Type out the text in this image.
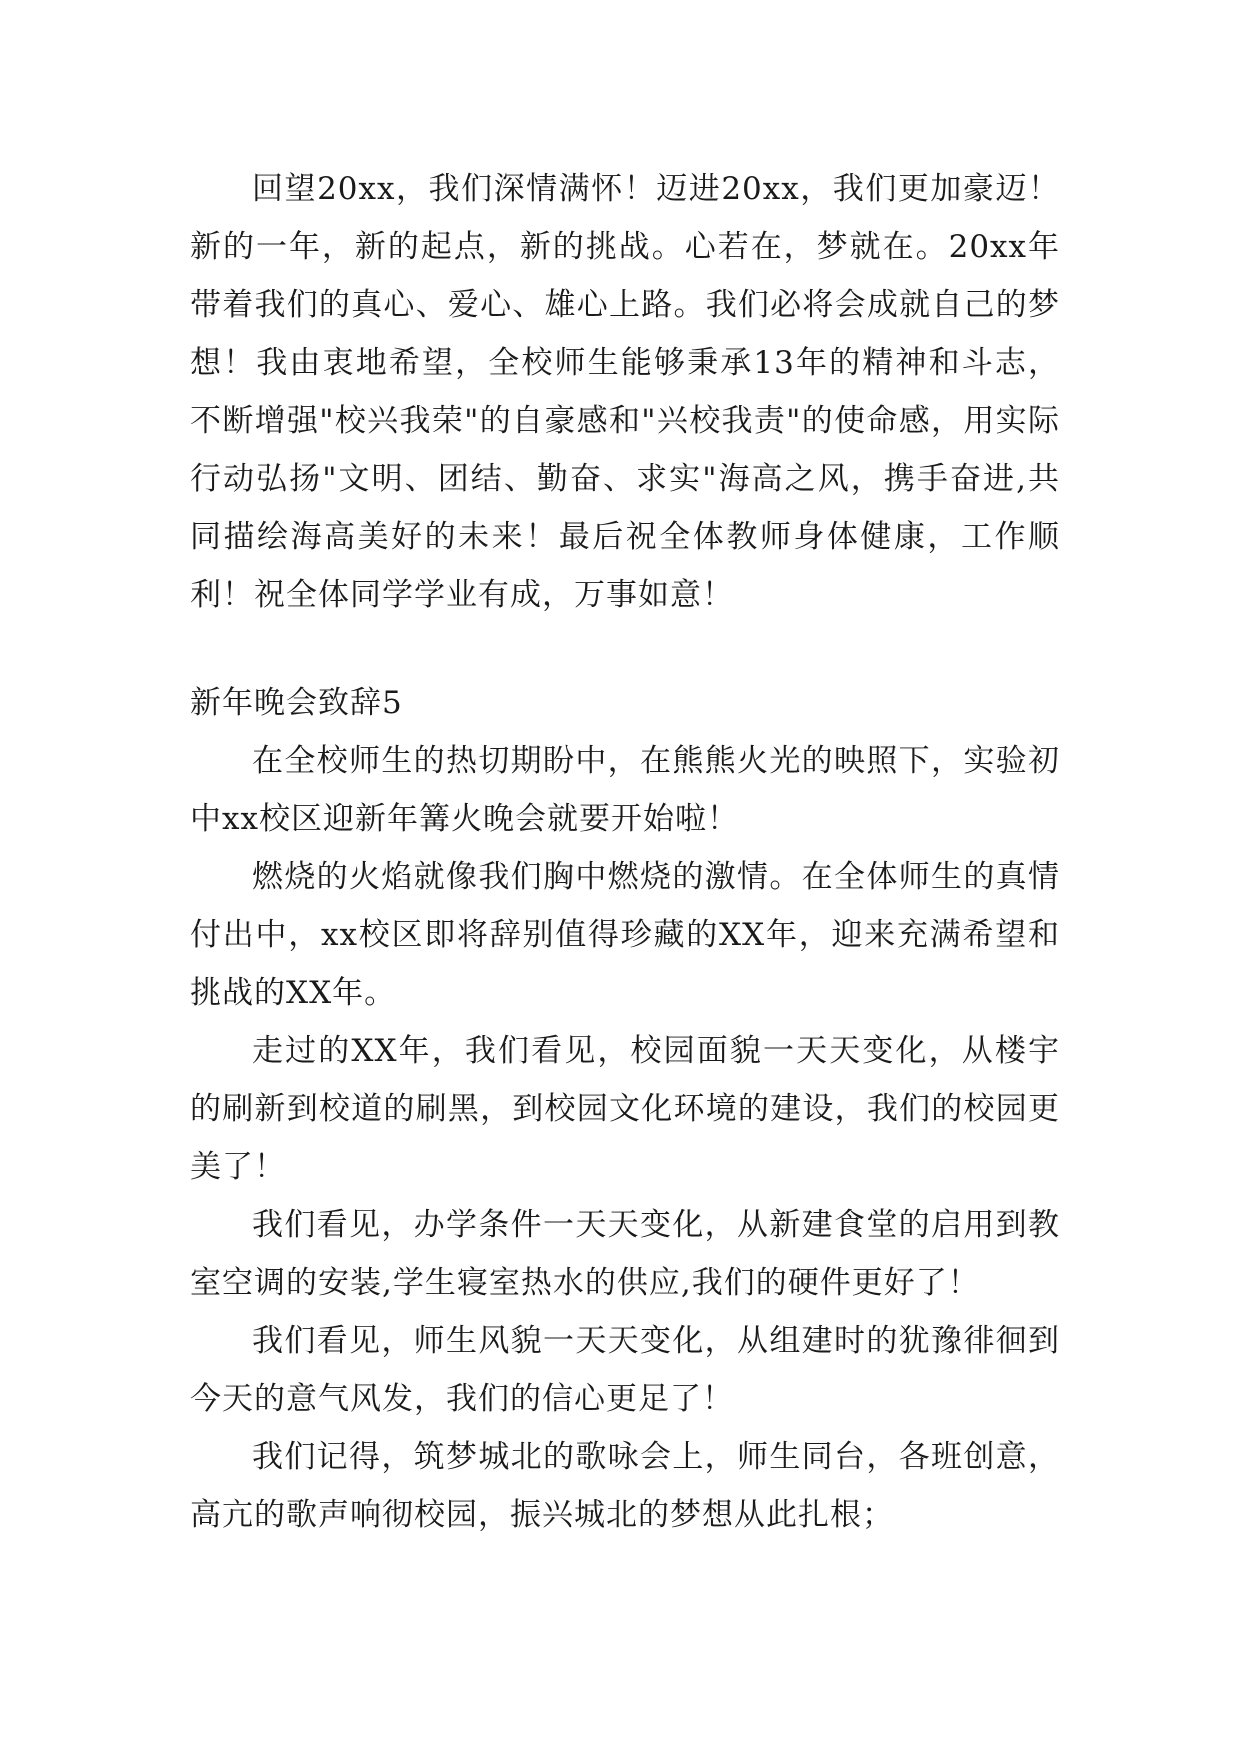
回望20xx，我们深情满怀！迈进20xx，我们更加豪迈！新的一年，新的起点，新的挑战。心若在，梦就在。20xx年带着我们的真心、爱心、雄心上路。我们必将会成就自己的梦想！我由衷地希望，全校师生能够秉承13年的精神和斗志，不断增强"校兴我荣"的自豪感和"兴校我责"的使命感，用实际行动弘扬"文明、团结、勤奋、求实"海高之风，携手奋进,共同描绘海高美好的未来！最后祝全体教师身体健康，工作顺利！祝全体同学学业有成，万事如意！

新年晚会致辞5

在全校师生的热切期盼中，在熊熊火光的映照下，实验初中xx校区迎新年篝火晚会就要开始啦！

燃烧的火焰就像我们胸中燃烧的激情。在全体师生的真情付出中，xx校区即将辞别值得珍藏的XX年，迎来充满希望和挑战的XX年。

走过的XX年，我们看见，校园面貌一天天变化，从楼宇的刷新到校道的刷黑，到校园文化环境的建设，我们的校园更美了！

我们看见，办学条件一天天变化，从新建食堂的启用到教室空调的安装,学生寝室热水的供应,我们的硬件更好了！

我们看见，师生风貌一天天变化，从组建时的犹豫徘徊到今天的意气风发，我们的信心更足了！

我们记得，筑梦城北的歌咏会上，师生同台，各班创意，高亢的歌声响彻校园，振兴城北的梦想从此扎根；
